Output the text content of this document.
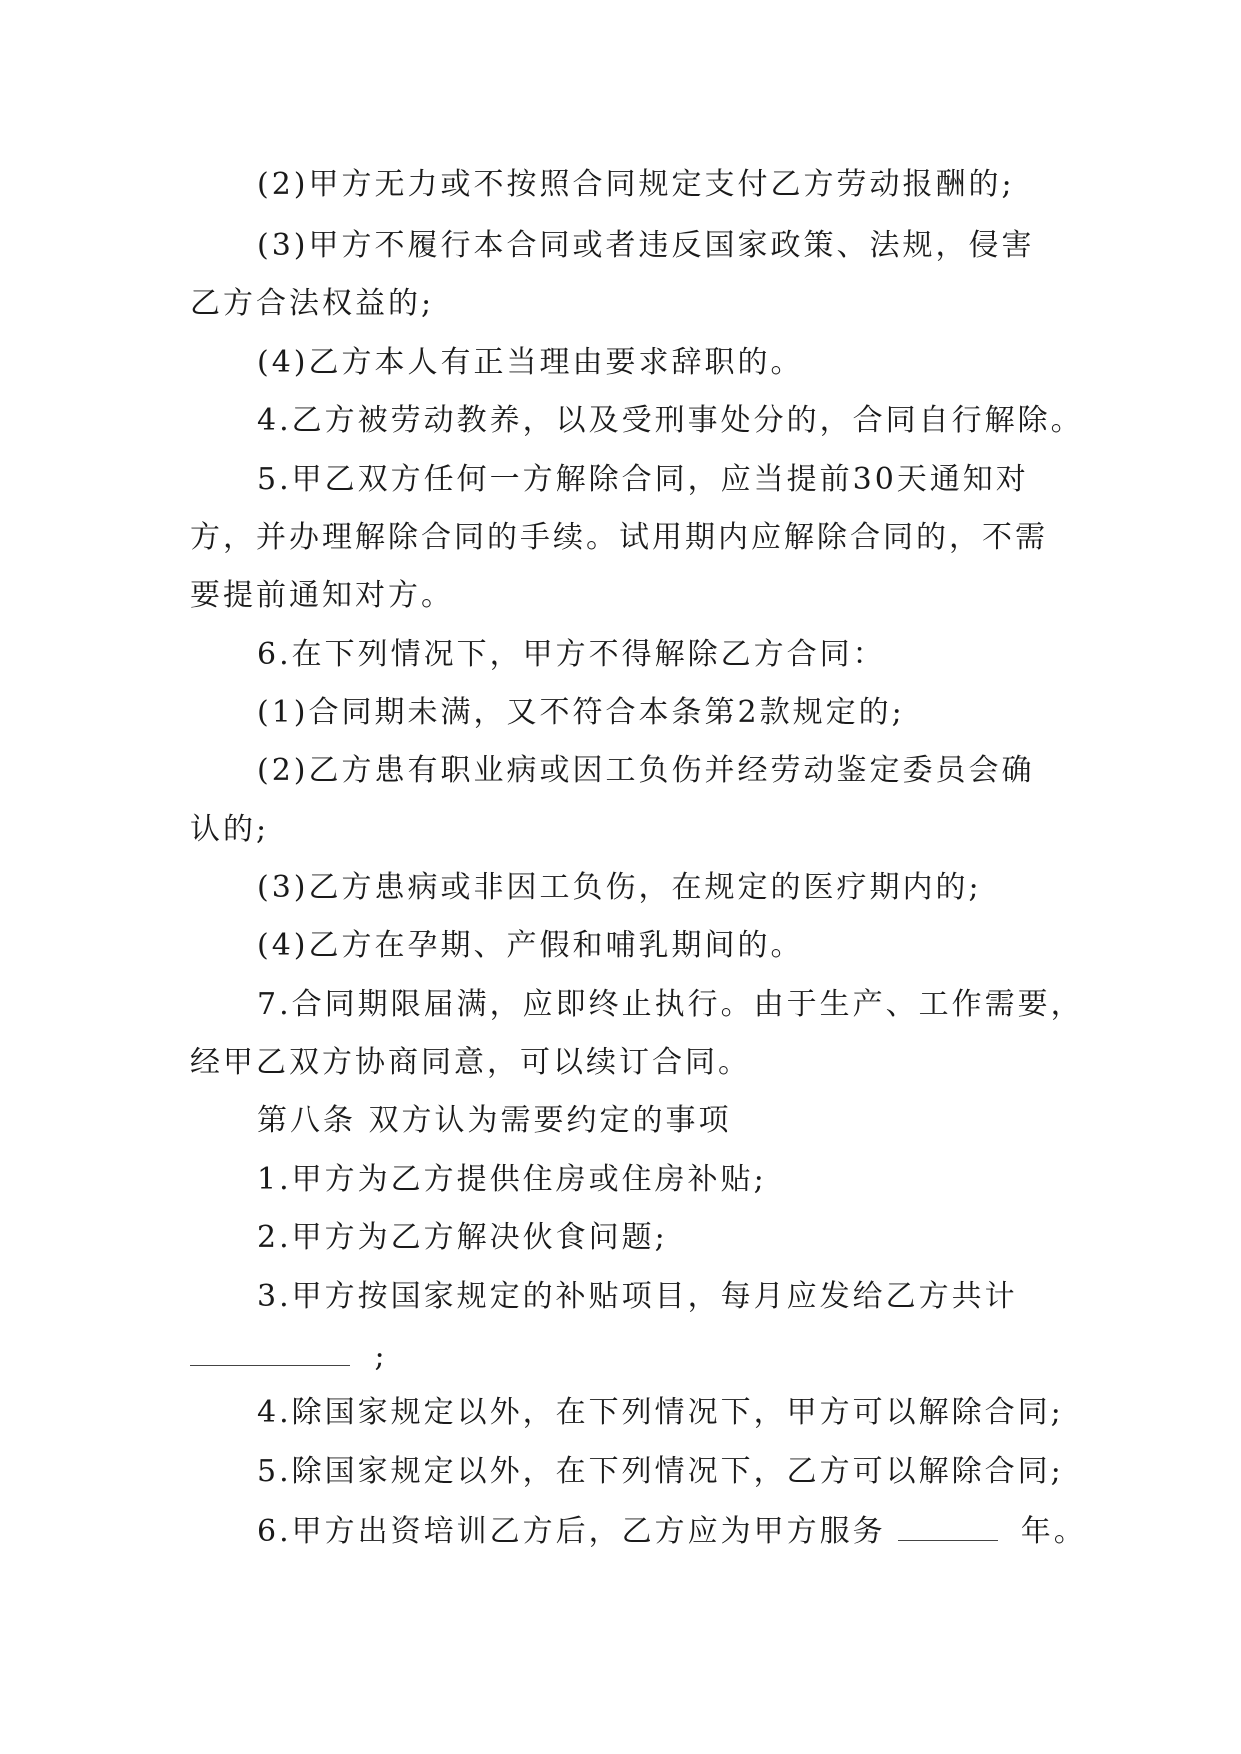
(2)甲方无力或不按照合同规定支付乙方劳动报酬的;
(3)甲方不履行本合同或者违反国家政策、法规，侵害
乙方合法权益的;
(4)乙方本人有正当理由要求辞职的。
4.乙方被劳动教养，以及受刑事处分的，合同自行解除。
5.甲乙双方任何一方解除合同，应当提前30天通知对
方，并办理解除合同的手续。试用期内应解除合同的，不需
要提前通知对方。
6.在下列情况下，甲方不得解除乙方合同：
(1)合同期未满，又不符合本条第2款规定的;
(2)乙方患有职业病或因工负伤并经劳动鉴定委员会确
认的;
(3)乙方患病或非因工负伤，在规定的医疗期内的;
(4)乙方在孕期、产假和哺乳期间的。
7.合同期限届满，应即终止执行。由于生产、工作需要，
经甲乙双方协商同意，可以续订合同。
第八条 双方认为需要约定的事项
1.甲方为乙方提供住房或住房补贴;
2.甲方为乙方解决伙食问题;
3.甲方按国家规定的补贴项目，每月应发给乙方共计
;
4.除国家规定以外，在下列情况下，甲方可以解除合同;
5.除国家规定以外，在下列情况下，乙方可以解除合同;
6.甲方出资培训乙方后，乙方应为甲方服务	年。
